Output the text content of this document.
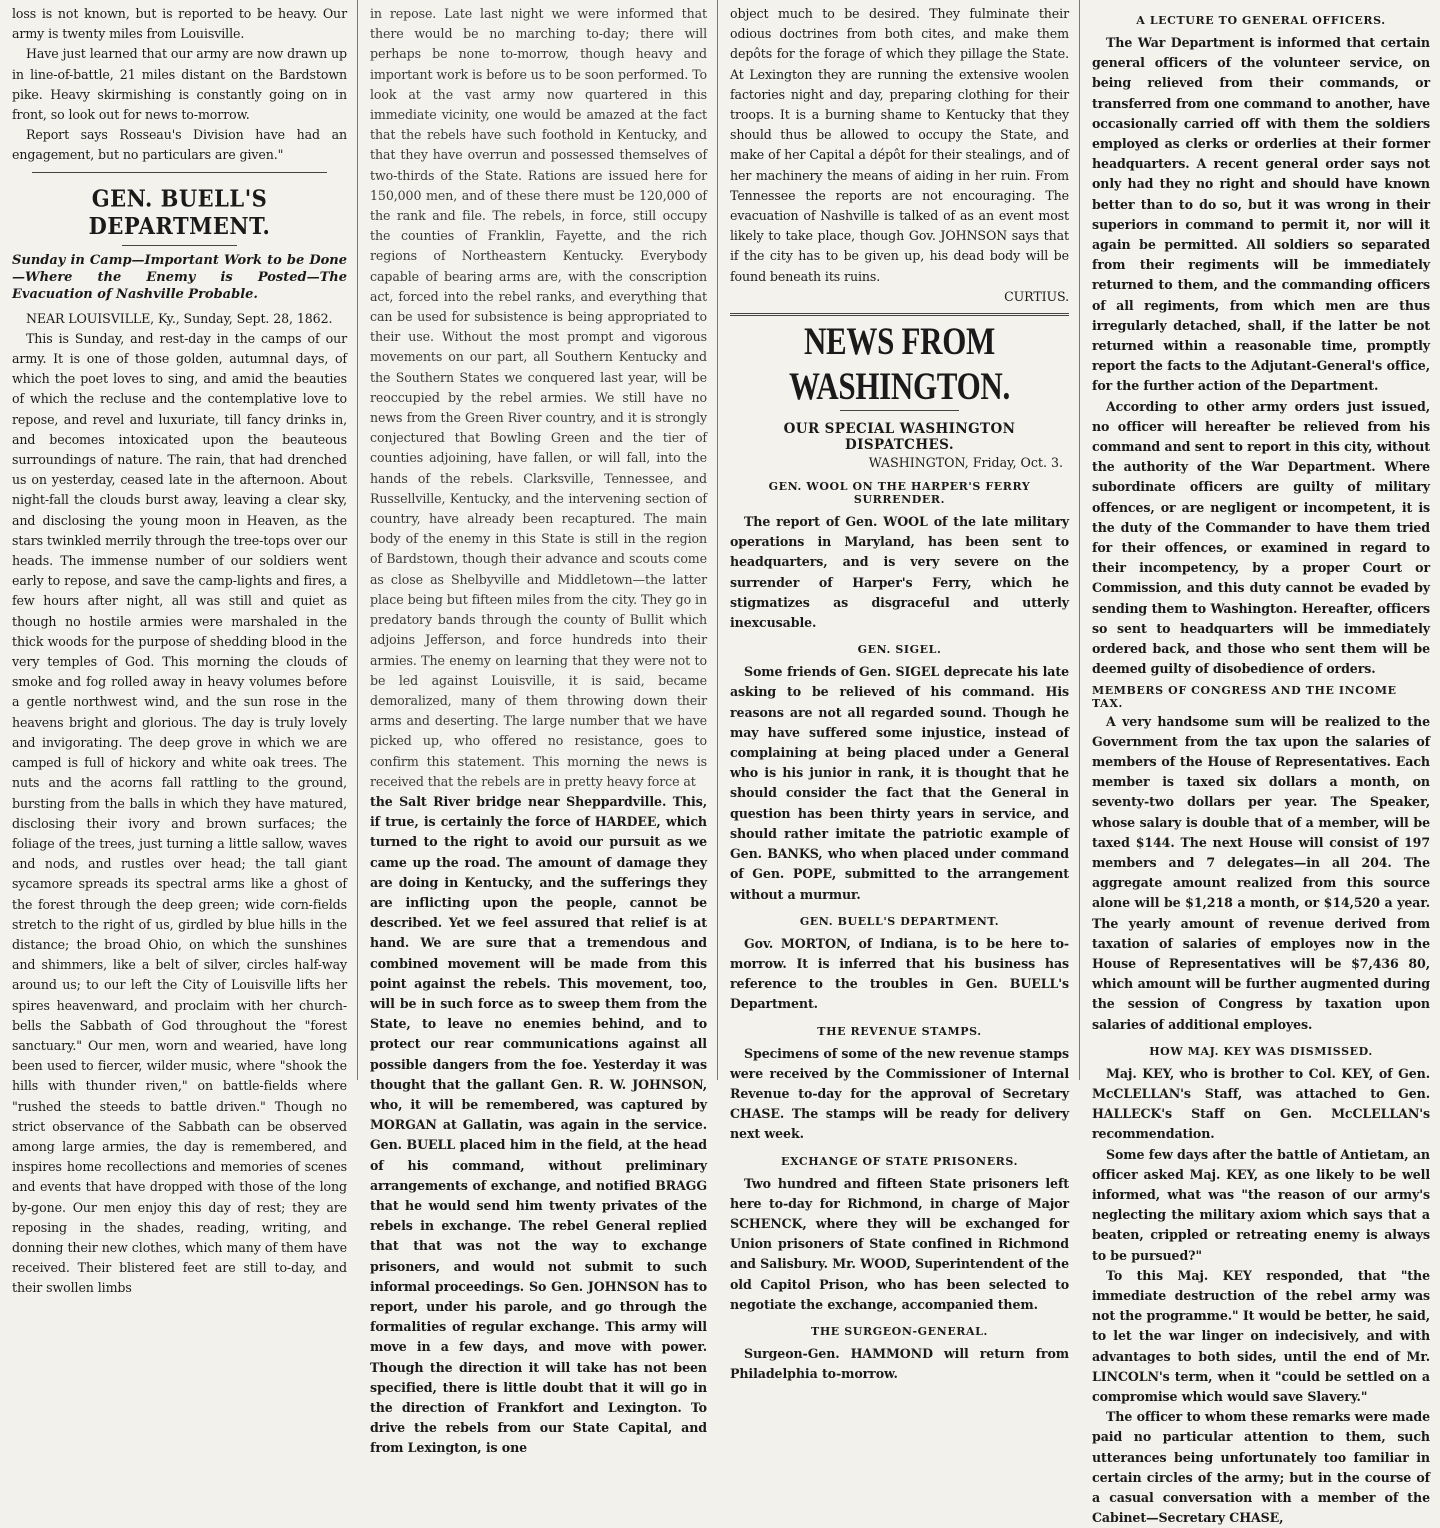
loss is not known, but is reported to be heavy. Our army is twenty miles from Louisville.

Have just learned that our army are now drawn up in line-of-battle, 21 miles distant on the Bardstown pike. Heavy skirmishing is constantly going on in front, so look out for news to-morrow.

Report says Rosseau's Division have had an engagement, but no particulars are given."

GEN. BUELL'S DEPARTMENT.
Sunday in Camp—Important Work to be Done—Where the Enemy is Posted—The Evacuation of Nashville Probable.

NEAR LOUISVILLE, Ky., Sunday, Sept. 28, 1862.

This is Sunday, and rest-day in the camps of our army. It is one of those golden, autumnal days, of which the poet loves to sing, and amid the beauties of which the recluse and the contemplative love to repose, and revel and luxuriate, till fancy drinks in, and becomes intoxicated upon the beauteous surroundings of nature. The rain, that had drenched us on yesterday, ceased late in the afternoon. About night-fall the clouds burst away, leaving a clear sky, and disclosing the young moon in Heaven, as the stars twinkled merrily through the tree-tops over our heads. The immense number of our soldiers went early to repose, and save the camp-lights and fires, a few hours after night, all was still and quiet as though no hostile armies were marshaled in the thick woods for the purpose of shedding blood in the very temples of God. This morning the clouds of smoke and fog rolled away in heavy volumes before a gentle northwest wind, and the sun rose in the heavens bright and glorious. The day is truly lovely and invigorating. The deep grove in which we are camped is full of hickory and white oak trees. The nuts and the acorns fall rattling to the ground, bursting from the balls in which they have matured, disclosing their ivory and brown surfaces; the foliage of the trees, just turning a little sallow, waves and nods, and rustles over head; the tall giant sycamore spreads its spectral arms like a ghost of the forest through the deep green; wide corn-fields stretch to the right of us, girdled by blue hills in the distance; the broad Ohio, on which the sunshines and shimmers, like a belt of silver, circles half-way around us; to our left the City of Louisville lifts her spires heavenward, and proclaim with her church-bells the Sabbath of God throughout the "forest sanctuary." Our men, worn and wearied, have long been used to fiercer, wilder music, where "shook the hills with thunder riven," on battle-fields where "rushed the steeds to battle driven." Though no strict observance of the Sabbath can be observed among large armies, the day is remembered, and inspires home recollections and memories of scenes and events that have dropped with those of the long by-gone. Our men enjoy this day of rest; they are reposing in the shades, reading, writing, and donning their new clothes, which many of them have received. Their blistered feet are still to-day, and their swollen limbs

in repose. Late last night we were informed that there would be no marching to-day; there will perhaps be none to-morrow, though heavy and important work is before us to be soon performed. To look at the vast army now quartered in this immediate vicinity, one would be amazed at the fact that the rebels have such foothold in Kentucky, and that they have overrun and possessed themselves of two-thirds of the State. Rations are issued here for 150,000 men, and of these there must be 120,000 of the rank and file. The rebels, in force, still occupy the counties of Franklin, Fayette, and the rich regions of Northeastern Kentucky. Everybody capable of bearing arms are, with the conscription act, forced into the rebel ranks, and everything that can be used for subsistence is being appropriated to their use. Without the most prompt and vigorous movements on our part, all Southern Kentucky and the Southern States we conquered last year, will be reoccupied by the rebel armies. We still have no news from the Green River country, and it is strongly conjectured that Bowling Green and the tier of counties adjoining, have fallen, or will fall, into the hands of the rebels. Clarksville, Tennessee, and Russellville, Kentucky, and the intervening section of country, have already been recaptured. The main body of the enemy in this State is still in the region of Bardstown, though their advance and scouts come as close as Shelbyville and Middletown—the latter place being but fifteen miles from the city. They go in predatory bands through the county of Bullit which adjoins Jefferson, and force hundreds into their armies. The enemy on learning that they were not to be led against Louisville, it is said, became demoralized, many of them throwing down their arms and deserting. The large number that we have picked up, who offered no resistance, goes to confirm this statement. This morning the news is received that the rebels are in pretty heavy force at

the Salt River bridge near Sheppardville. This, if true, is certainly the force of HARDEE, which turned to the right to avoid our pursuit as we came up the road. The amount of damage they are doing in Kentucky, and the sufferings they are inflicting upon the people, cannot be described. Yet we feel assured that relief is at hand. We are sure that a tremendous and combined movement will be made from this point against the rebels. This movement, too, will be in such force as to sweep them from the State, to leave no enemies behind, and to protect our rear communications against all possible dangers from the foe. Yesterday it was thought that the gallant Gen. R. W. JOHNSON, who, it will be remembered, was captured by MORGAN at Gallatin, was again in the service. Gen. BUELL placed him in the field, at the head of his command, without preliminary arrangements of exchange, and notified BRAGG that he would send him twenty privates of the rebels in exchange. The rebel General replied that that was not the way to exchange prisoners, and would not submit to such informal proceedings. So Gen. JOHNSON has to report, under his parole, and go through the formalities of regular exchange. This army will move in a few days, and move with power. Though the direction it will take has not been specified, there is little doubt that it will go in the direction of Frankfort and Lexington. To drive the rebels from our State Capital, and from Lexington, is one

object much to be desired. They fulminate their odious doctrines from both cites, and make them depôts for the forage of which they pillage the State. At Lexington they are running the extensive woolen factories night and day, preparing clothing for their troops. It is a burning shame to Kentucky that they should thus be allowed to occupy the State, and make of her Capital a dépôt for their stealings, and of her machinery the means of aiding in her ruin. From Tennessee the reports are not encouraging. The evacuation of Nashville is talked of as an event most likely to take place, though Gov. JOHNSON says that if the city has to be given up, his dead body will be found beneath its ruins.

CURTIUS.

NEWS FROM WASHINGTON.
OUR SPECIAL WASHINGTON DISPATCHES.
WASHINGTON, Friday, Oct. 3.
GEN. WOOL ON THE HARPER'S FERRY SURRENDER.

The report of Gen. WOOL of the late military operations in Maryland, has been sent to headquarters, and is very severe on the surrender of Harper's Ferry, which he stigmatizes as disgraceful and utterly inexcusable.

GEN. SIGEL.

Some friends of Gen. SIGEL deprecate his late asking to be relieved of his command. His reasons are not all regarded sound. Though he may have suffered some injustice, instead of complaining at being placed under a General who is his junior in rank, it is thought that he should consider the fact that the General in question has been thirty years in service, and should rather imitate the patriotic example of Gen. BANKS, who when placed under command of Gen. POPE, submitted to the arrangement without a murmur.

GEN. BUELL'S DEPARTMENT.

Gov. MORTON, of Indiana, is to be here to-morrow. It is inferred that his business has reference to the troubles in Gen. BUELL's Department.

THE REVENUE STAMPS.

Specimens of some of the new revenue stamps were received by the Commissioner of Internal Revenue to-day for the approval of Secretary CHASE. The stamps will be ready for delivery next week.

EXCHANGE OF STATE PRISONERS.

Two hundred and fifteen State prisoners left here to-day for Richmond, in charge of Major SCHENCK, where they will be exchanged for Union prisoners of State confined in Richmond and Salisbury. Mr. WOOD, Superintendent of the old Capitol Prison, who has been selected to negotiate the exchange, accompanied them.

THE SURGEON-GENERAL.

Surgeon-Gen. HAMMOND will return from Philadelphia to-morrow.

A LECTURE TO GENERAL OFFICERS.

The War Department is informed that certain general officers of the volunteer service, on being relieved from their commands, or transferred from one command to another, have occasionally carried off with them the soldiers employed as clerks or orderlies at their former headquarters. A recent general order says not only had they no right and should have known better than to do so, but it was wrong in their superiors in command to permit it, nor will it again be permitted. All soldiers so separated from their regiments will be immediately returned to them, and the commanding officers of all regiments, from which men are thus irregularly detached, shall, if the latter be not returned within a reasonable time, promptly report the facts to the Adjutant-General's office, for the further action of the Department.

According to other army orders just issued, no officer will hereafter be relieved from his command and sent to report in this city, without the authority of the War Department. Where subordinate officers are guilty of military offences, or are negligent or incompetent, it is the duty of the Commander to have them tried for their offences, or examined in regard to their incompetency, by a proper Court or Commission, and this duty cannot be evaded by sending them to Washington. Hereafter, officers so sent to headquarters will be immediately ordered back, and those who sent them will be deemed guilty of disobedience of orders.

MEMBERS OF CONGRESS AND THE INCOME TAX.

A very handsome sum will be realized to the Government from the tax upon the salaries of members of the House of Representatives. Each member is taxed six dollars a month, on seventy-two dollars per year. The Speaker, whose salary is double that of a member, will be taxed $144. The next House will consist of 197 members and 7 delegates—in all 204. The aggregate amount realized from this source alone will be $1,218 a month, or $14,520 a year. The yearly amount of revenue derived from taxation of salaries of employes now in the House of Representatives will be $7,436 80, which amount will be further augmented during the session of Congress by taxation upon salaries of additional employes.

HOW MAJ. KEY WAS DISMISSED.

Maj. KEY, who is brother to Col. KEY, of Gen. McCLELLAN's Staff, was attached to Gen. HALLECK's Staff on Gen. McCLELLAN's recommendation.

Some few days after the battle of Antietam, an officer asked Maj. KEY, as one likely to be well informed, what was "the reason of our army's neglecting the military axiom which says that a beaten, crippled or retreating enemy is always to be pursued?"

To this Maj. KEY responded, that "the immediate destruction of the rebel army was not the programme." It would be better, he said, to let the war linger on indecisively, and with advantages to both sides, until the end of Mr. LINCOLN's term, when it "could be settled on a compromise which would save Slavery."

The officer to whom these remarks were made paid no particular attention to them, such utterances being unfortunately too familiar in certain circles of the army; but in the course of a casual conversation with a member of the Cabinet—Secretary CHASE,
